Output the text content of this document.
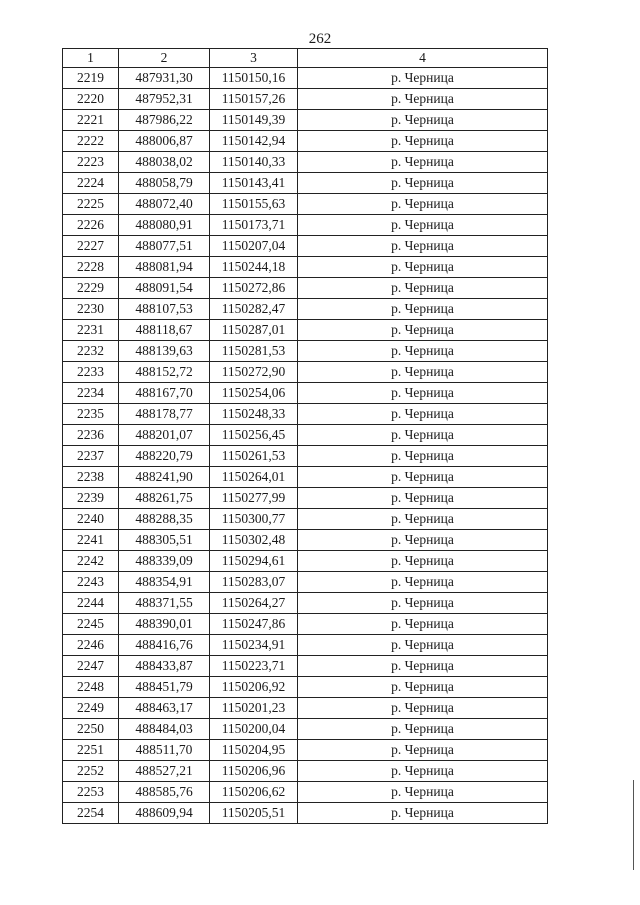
262
1	2	3	4
2219	487931,30	1150150,16	р. Черница
2220	487952,31	1150157,26	р. Черница
2221	487986,22	1150149,39	р. Черница
2222	488006,87	1150142,94	р. Черница
2223	488038,02	1150140,33	р. Черница
2224	488058,79	1150143,41	р. Черница
2225	488072,40	1150155,63	р. Черница
2226	488080,91	1150173,71	р. Черница
2227	488077,51	1150207,04	р. Черница
2228	488081,94	1150244,18	р. Черница
2229	488091,54	1150272,86	р. Черница
2230	488107,53	1150282,47	р. Черница
2231	488118,67	1150287,01	р. Черница
2232	488139,63	1150281,53	р. Черница
2233	488152,72	1150272,90	р. Черница
2234	488167,70	1150254,06	р. Черница
2235	488178,77	1150248,33	р. Черница
2236	488201,07	1150256,45	р. Черница
2237	488220,79	1150261,53	р. Черница
2238	488241,90	1150264,01	р. Черница
2239	488261,75	1150277,99	р. Черница
2240	488288,35	1150300,77	р. Черница
2241	488305,51	1150302,48	р. Черница
2242	488339,09	1150294,61	р. Черница
2243	488354,91	1150283,07	р. Черница
2244	488371,55	1150264,27	р. Черница
2245	488390,01	1150247,86	р. Черница
2246	488416,76	1150234,91	р. Черница
2247	488433,87	1150223,71	р. Черница
2248	488451,79	1150206,92	р. Черница
2249	488463,17	1150201,23	р. Черница
2250	488484,03	1150200,04	р. Черница
2251	488511,70	1150204,95	р. Черница
2252	488527,21	1150206,96	р. Черница
2253	488585,76	1150206,62	р. Черница
2254	488609,94	1150205,51	р. Черница
